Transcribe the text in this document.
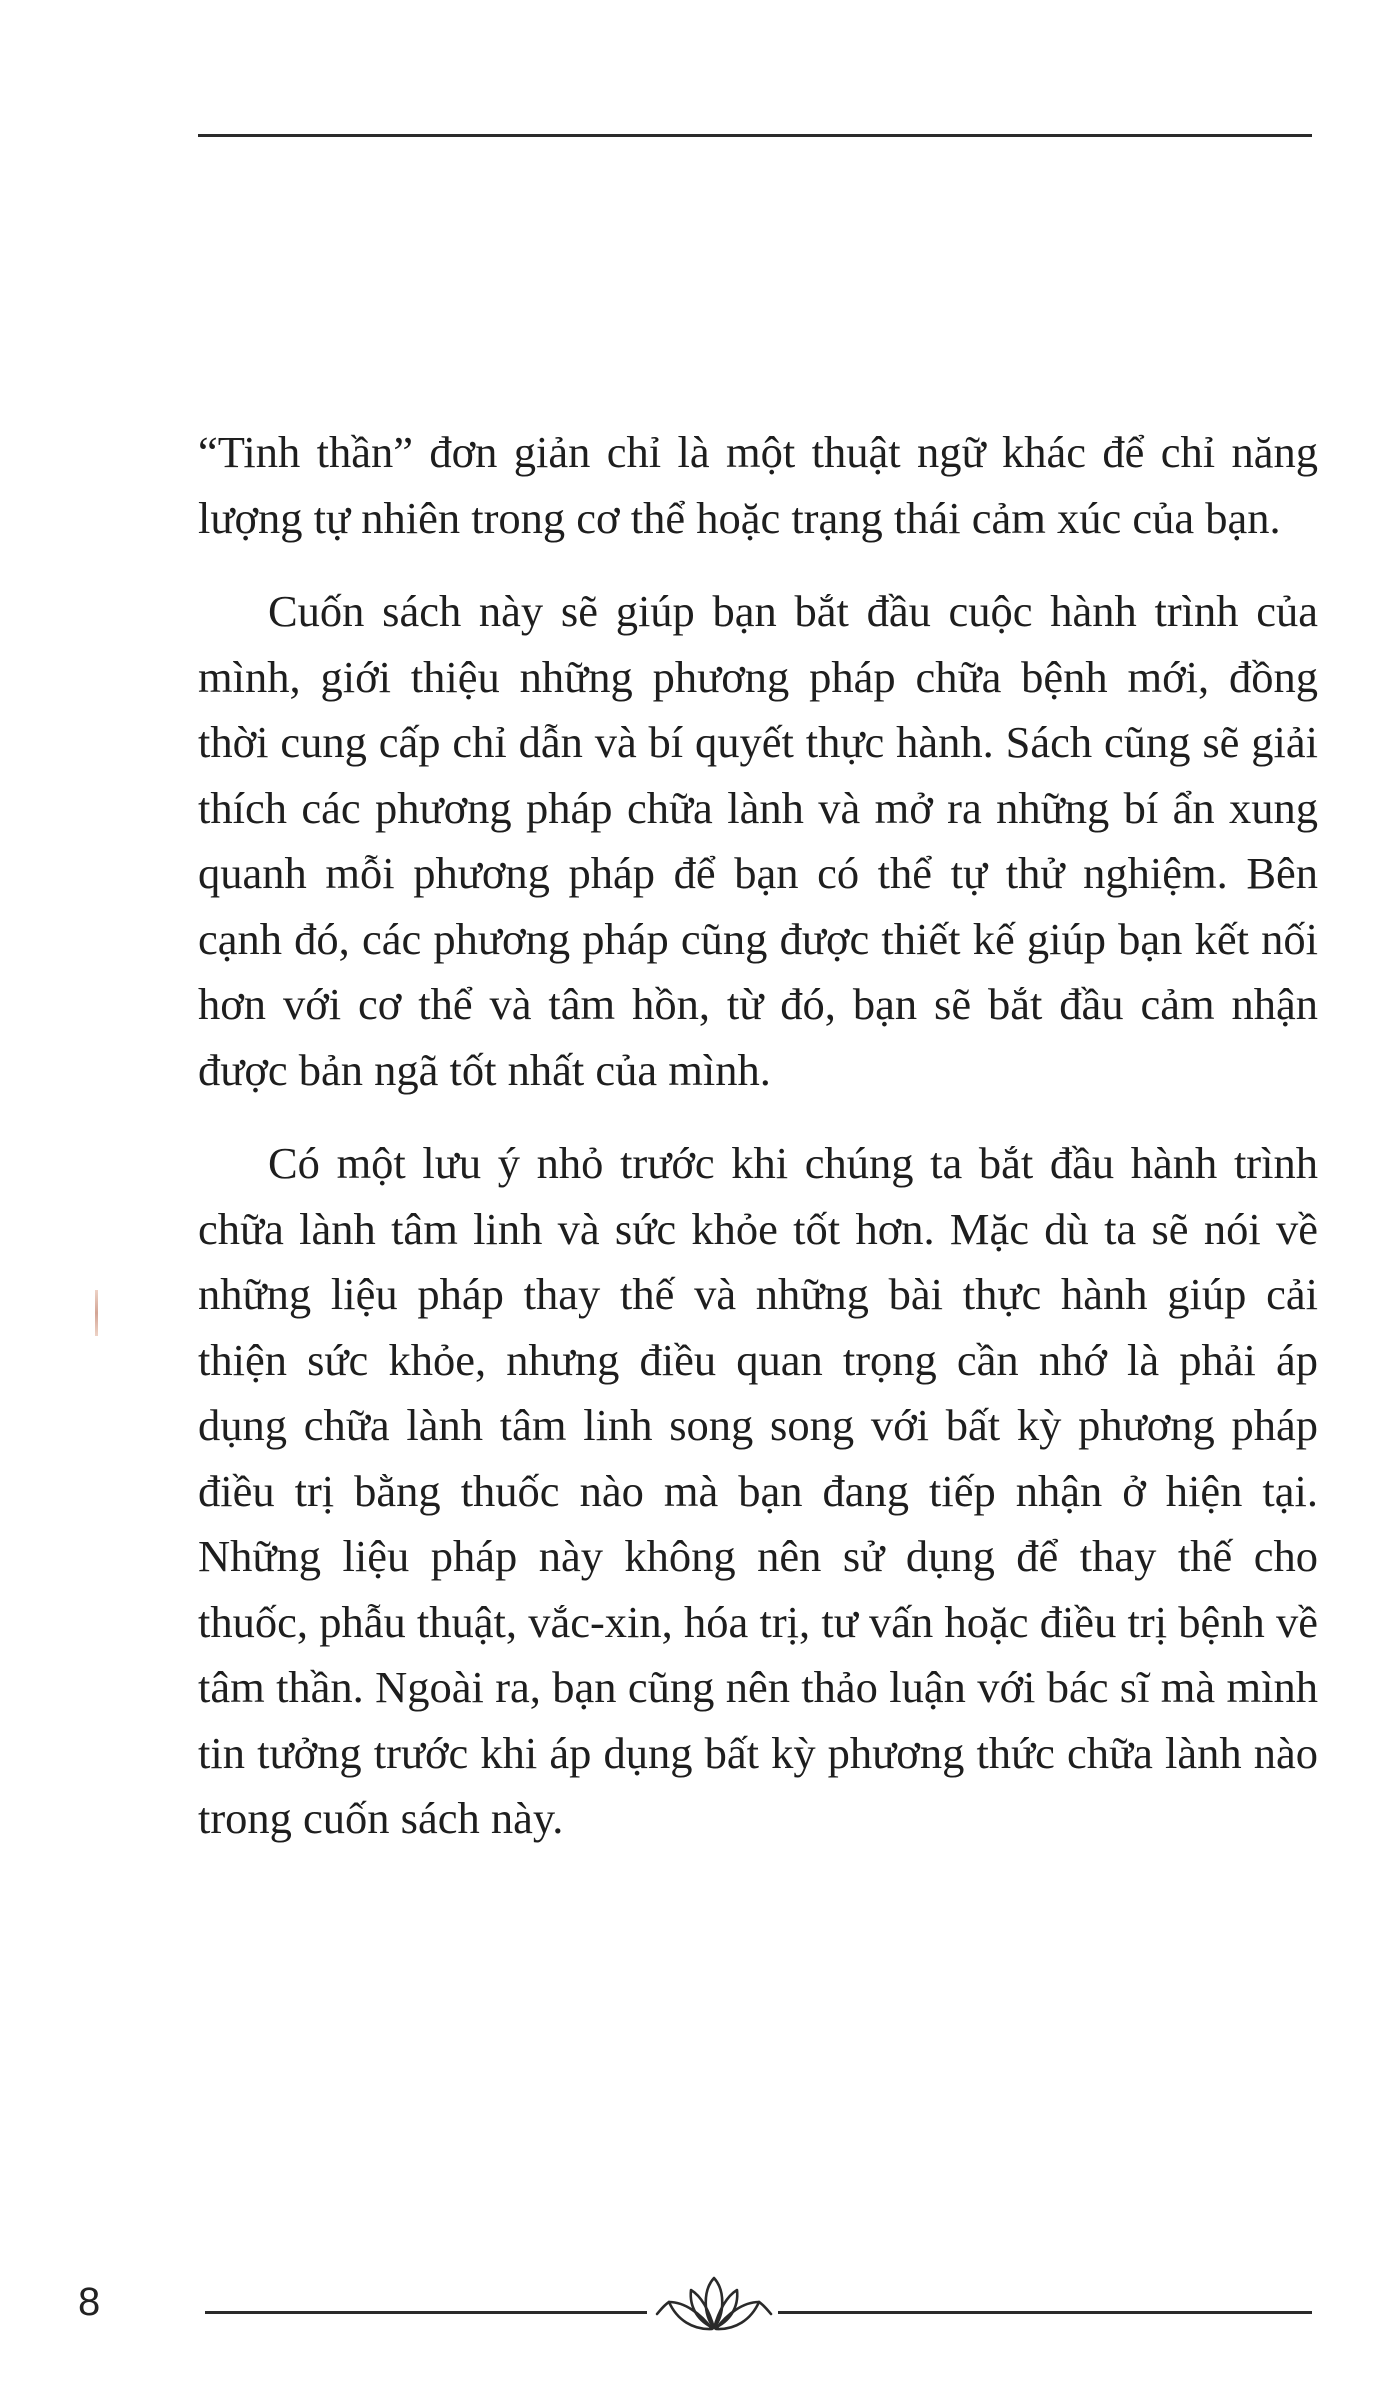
“Tinh thần” đơn giản chỉ là một thuật ngữ khác để chỉ năng lượng tự nhiên trong cơ thể hoặc trạng thái cảm xúc của bạn.

Cuốn sách này sẽ giúp bạn bắt đầu cuộc hành trình của mình, giới thiệu những phương pháp chữa bệnh mới, đồng thời cung cấp chỉ dẫn và bí quyết thực hành. Sách cũng sẽ giải thích các phương pháp chữa lành và mở ra những bí ẩn xung quanh mỗi phương pháp để bạn có thể tự thử nghiệm. Bên cạnh đó, các phương pháp cũng được thiết kế giúp bạn kết nối hơn với cơ thể và tâm hồn, từ đó, bạn sẽ bắt đầu cảm nhận được bản ngã tốt nhất của mình.

Có một lưu ý nhỏ trước khi chúng ta bắt đầu hành trình chữa lành tâm linh và sức khỏe tốt hơn. Mặc dù ta sẽ nói về những liệu pháp thay thế và những bài thực hành giúp cải thiện sức khỏe, nhưng điều quan trọng cần nhớ là phải áp dụng chữa lành tâm linh song song với bất kỳ phương pháp điều trị bằng thuốc nào mà bạn đang tiếp nhận ở hiện tại. Những liệu pháp này không nên sử dụng để thay thế cho thuốc, phẫu thuật, vắc-xin, hóa trị, tư vấn hoặc điều trị bệnh về tâm thần. Ngoài ra, bạn cũng nên thảo luận với bác sĩ mà mình tin tưởng trước khi áp dụng bất kỳ phương thức chữa lành nào trong cuốn sách này.

8
